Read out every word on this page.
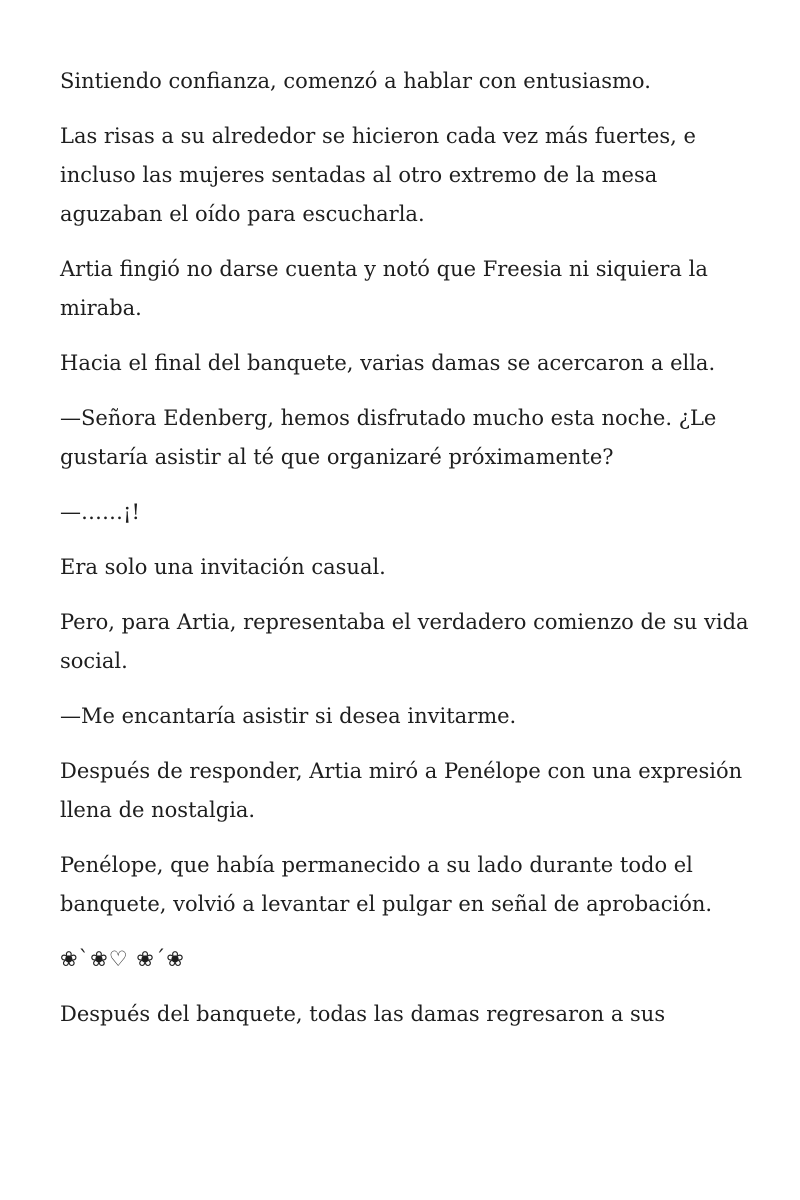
Sintiendo confianza, comenzó a hablar con entusiasmo.

Las risas a su alrededor se hicieron cada vez más fuertes, e incluso las mujeres sentadas al otro extremo de la mesa aguzaban el oído para escucharla.

Artia fingió no darse cuenta y notó que Freesia ni siquiera la miraba.

Hacia el final del banquete, varias damas se acercaron a ella.

—Señora Edenberg, hemos disfrutado mucho esta noche. ¿Le gustaría asistir al té que organizaré próximamente?

—……¡!

Era solo una invitación casual.

Pero, para Artia, representaba el verdadero comienzo de su vida social.

—Me encantaría asistir si desea invitarme.

Después de responder, Artia miró a Penélope con una expresión llena de nostalgia.

Penélope, que había permanecido a su lado durante todo el banquete, volvió a levantar el pulgar en señal de aprobación.

❀`❀♡ ❀´❀

Después del banquete, todas las damas regresaron a sus
